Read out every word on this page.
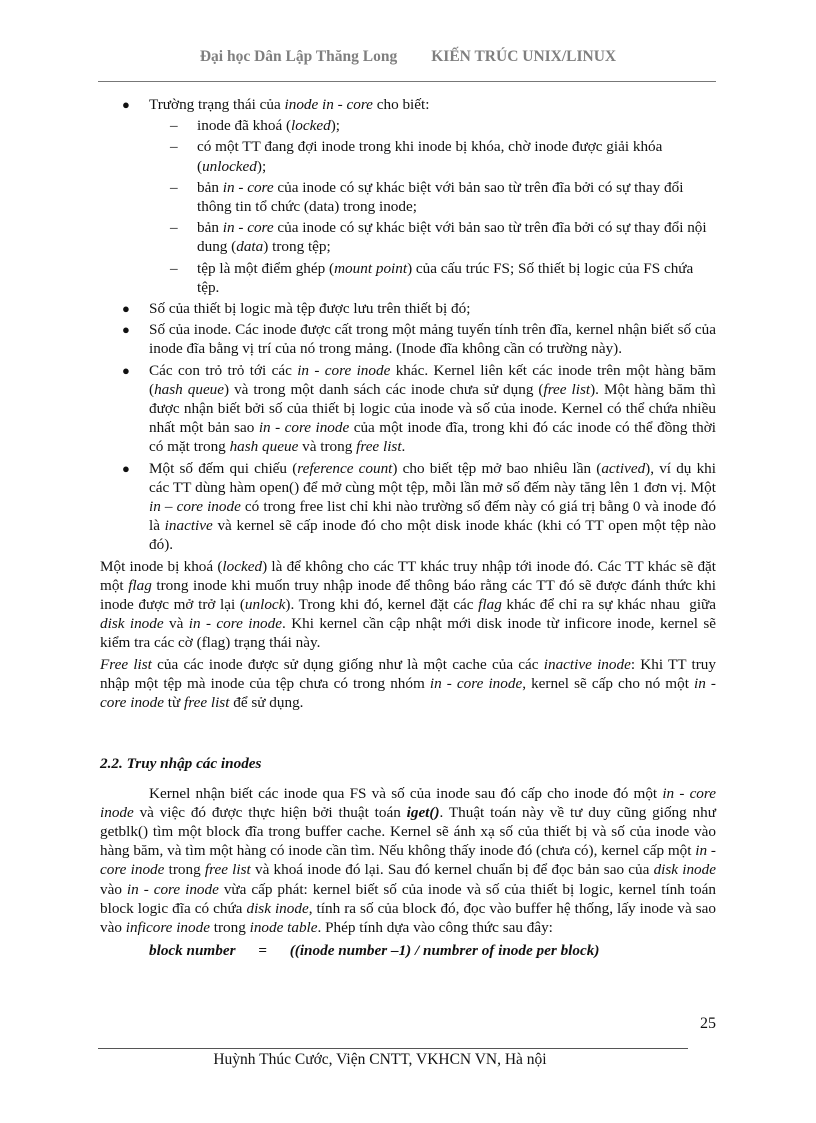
Đại học Dân Lập Thăng Long KIẾN TRÚC UNIX/LINUX
● Trường trạng thái của inode in - core cho biết:
– inode đã khoá (locked);
– có một TT đang đợi inode trong khi inode bị khóa, chờ inode được giải khóa (unlocked);
– bản in - core của inode có sự khác biệt với bản sao từ trên đĩa bởi có sự thay đổi thông tin tổ chức (data) trong inode;
– bản in - core của inode có sự khác biệt với bản sao từ trên đĩa bởi có sự thay đổi nội dung (data) trong tệp;
– tệp là một điểm ghép (mount point) của cấu trúc FS; Số thiết bị logic của FS chứa tệp.
● Số của thiết bị logic mà tệp được lưu trên thiết bị đó;
● Số của inode. Các inode được cất trong một mảng tuyến tính trên đĩa, kernel nhận biết số của inode đĩa bằng vị trí của nó trong mảng. (Inode đĩa không cần có trường này).
● Các con trỏ trỏ tới các in - core inode khác. Kernel liên kết các inode trên một hàng băm (hash queue) và trong một danh sách các inode chưa sử dụng (free list). Một hàng băm thì được nhận biết bởi số của thiết bị logic của inode và số của inode. Kernel có thể chứa nhiều nhất một bản sao in - core inode của một inode đĩa, trong khi đó các inode có thể đồng thời có mặt trong hash queue và trong free list.
● Một số đếm qui chiếu (reference count) cho biết tệp mở bao nhiêu lần (actived), ví dụ khi các TT dùng hàm open() để mở cùng một tệp, mỗi lần mở số đếm này tăng lên 1 đơn vị. Một in – core inode có trong free list chỉ khi nào trường số đếm này có giá trị bằng 0 và inode đó là inactive và kernel sẽ cấp inode đó cho một disk inode khác (khi có TT open một tệp nào đó).

Một inode bị khoá (locked) là để không cho các TT khác truy nhập tới inode đó. Các TT khác sẽ đặt một flag trong inode khi muốn truy nhập inode để thông báo rằng các TT đó sẽ được đánh thức khi inode được mở trở lại (unlock). Trong khi đó, kernel đặt các flag khác để chỉ ra sự khác nhau  giữa disk inode và in - core inode. Khi kernel cần cập nhật mới disk inode từ inficore inode, kernel sẽ kiểm tra các cờ (flag) trạng thái này.

Free list của các inode được sử dụng giống như là một cache của các inactive inode: Khi TT truy nhập một tệp mà inode của tệp chưa có trong nhóm in - core inode, kernel sẽ cấp cho nó một in - core inode từ free list để sử dụng.

2.2. Truy nhập các inodes

Kernel nhận biết các inode qua FS và số của inode sau đó cấp cho inode đó một in - core inode và việc đó được thực hiện bởi thuật toán iget(). Thuật toán này về tư duy cũng giống như getblk() tìm một block đĩa trong buffer cache. Kernel sẽ ánh xạ số của thiết bị và số của inode vào hàng băm, và tìm một hàng có inode cần tìm. Nếu không thấy inode đó (chưa có), kernel cấp một in - core inode trong free list và khoá inode đó lại. Sau đó kernel chuẩn bị để đọc bản sao của disk inode vào in - core inode vừa cấp phát: kernel biết số của inode và số của thiết bị logic, kernel tính toán block logic đĩa có chứa disk inode, tính ra số của block đó, đọc vào buffer hệ thống, lấy inode và sao vào inficore inode trong inode table. Phép tính dựa vào công thức sau đây:

block number = ((inode number –1) / numbrer of inode per block)

25
Huỳnh Thúc Cước, Viện CNTT, VKHCN VN, Hà nội
